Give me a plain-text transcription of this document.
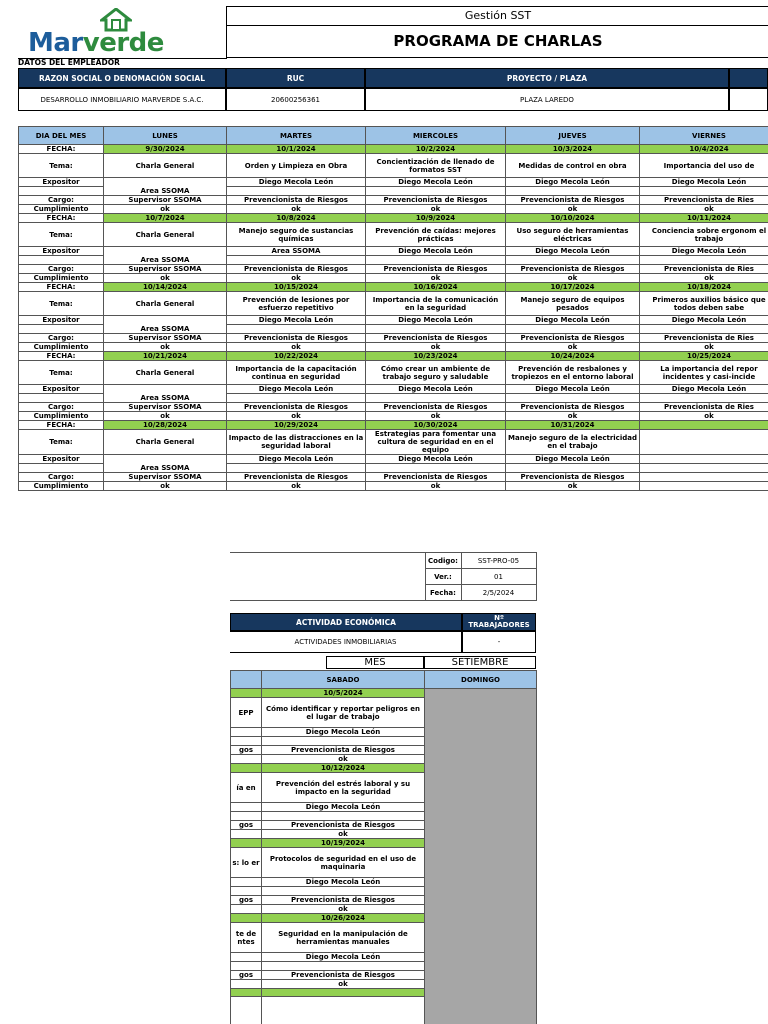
Marverde
Gestión SST
PROGRAMA DE CHARLAS
DATOS DEL EMPLEADOR
RAZON SOCIAL O DENOMACIÓN SOCIAL	RUC	PROYECTO / PLAZA
DESARROLLO INMOBILIARIO MARVERDE S.A.C.	20600256361	PLAZA LAREDO
DIA DEL MES	LUNES	MARTES	MIERCOLES	JUEVES	VIERNES
FECHA:	9/30/2024	10/1/2024	10/2/2024	10/3/2024	10/4/2024
Tema:	Charla General	Orden y Limpieza en Obra	Concientización de llenado de formatos SST	Medidas de control en obra	Importancia del uso de
Expositor	Area SSOMA	Diego Mecola León	Diego Mecola León	Diego Mecola León	Diego Mecola León

Cargo:	Supervisor SSOMA	Prevencionista de Riesgos	Prevencionista de Riesgos	Prevencionista de Riesgos	Prevencionista de Ries
Cumplimiento	ok	ok	ok	ok	ok
FECHA:	10/7/2024	10/8/2024	10/9/2024	10/10/2024	10/11/2024
Tema:	Charla General	Manejo seguro de sustancias químicas	Prevención de caídas: mejores prácticas	Uso seguro de herramientas eléctricas	Conciencia sobre ergonom el trabajo
Expositor	Area SSOMA	Area SSOMA	Diego Mecola León	Diego Mecola León	Diego Mecola León

Cargo:	Supervisor SSOMA	Prevencionista de Riesgos	Prevencionista de Riesgos	Prevencionista de Riesgos	Prevencionista de Ries
Cumplimiento	ok	ok	ok	ok	ok
FECHA:	10/14/2024	10/15/2024	10/16/2024	10/17/2024	10/18/2024
Tema:	Charla General	Prevención de lesiones por esfuerzo repetitivo	Importancia de la comunicación en la seguridad	Manejo seguro de equipos pesados	Primeros auxilios básico que todos deben sabe
Expositor	Area SSOMA	Diego Mecola León	Diego Mecola León	Diego Mecola León	Diego Mecola León

Cargo:	Supervisor SSOMA	Prevencionista de Riesgos	Prevencionista de Riesgos	Prevencionista de Riesgos	Prevencionista de Ries
Cumplimiento	ok	ok	ok	ok	ok
FECHA:	10/21/2024	10/22/2024	10/23/2024	10/24/2024	10/25/2024
Tema:	Charla General	Importancia de la capacitación continua en seguridad	Cómo crear un ambiente de trabajo seguro y saludable	Prevención de resbalones y tropiezos en el entorno laboral	La importancia del repor incidentes y casi-incide
Expositor	Area SSOMA	Diego Mecola León	Diego Mecola León	Diego Mecola León	Diego Mecola León

Cargo:	Supervisor SSOMA	Prevencionista de Riesgos	Prevencionista de Riesgos	Prevencionista de Riesgos	Prevencionista de Ries
Cumplimiento	ok	ok	ok	ok	ok
FECHA:	10/28/2024	10/29/2024	10/30/2024	10/31/2024	
Tema:	Charla General	Impacto de las distracciones en la seguridad laboral	Estrategias para fomentar una cultura de seguridad en en el equipo	Manejo seguro de la electricidad en el trabajo	
Expositor	Area SSOMA	Diego Mecola León	Diego Mecola León	Diego Mecola León	

Cargo:	Supervisor SSOMA	Prevencionista de Riesgos	Prevencionista de Riesgos	Prevencionista de Riesgos	
Cumplimiento	ok	ok	ok	ok	
	Codigo:	SST-PRO-05
	Ver.:	01
	Fecha:	2/5/2024
ACTIVIDAD ECONÓMICA	Nº TRABAJADORES
ACTIVIDADES INMOBILIARIAS	-
MES	SETIEMBRE
	SABADO	DOMINGO
	10/5/2024	
EPP	Cómo identificar y reportar peligros en el lugar de trabajo	
	Diego Mecola León	

gos	Prevencionista de Riesgos	
	ok	
	10/12/2024	
ía en	Prevención del estrés laboral y su impacto en la seguridad	
	Diego Mecola León	

gos	Prevencionista de Riesgos	
	ok	
	10/19/2024	
s: lo er	Protocolos de seguridad en el uso de maquinaria	
	Diego Mecola León	

gos	Prevencionista de Riesgos	
	ok	
	10/26/2024	
te de ntes	Seguridad en la manipulación de herramientas manuales	
	Diego Mecola León	

gos	Prevencionista de Riesgos	
	ok	
